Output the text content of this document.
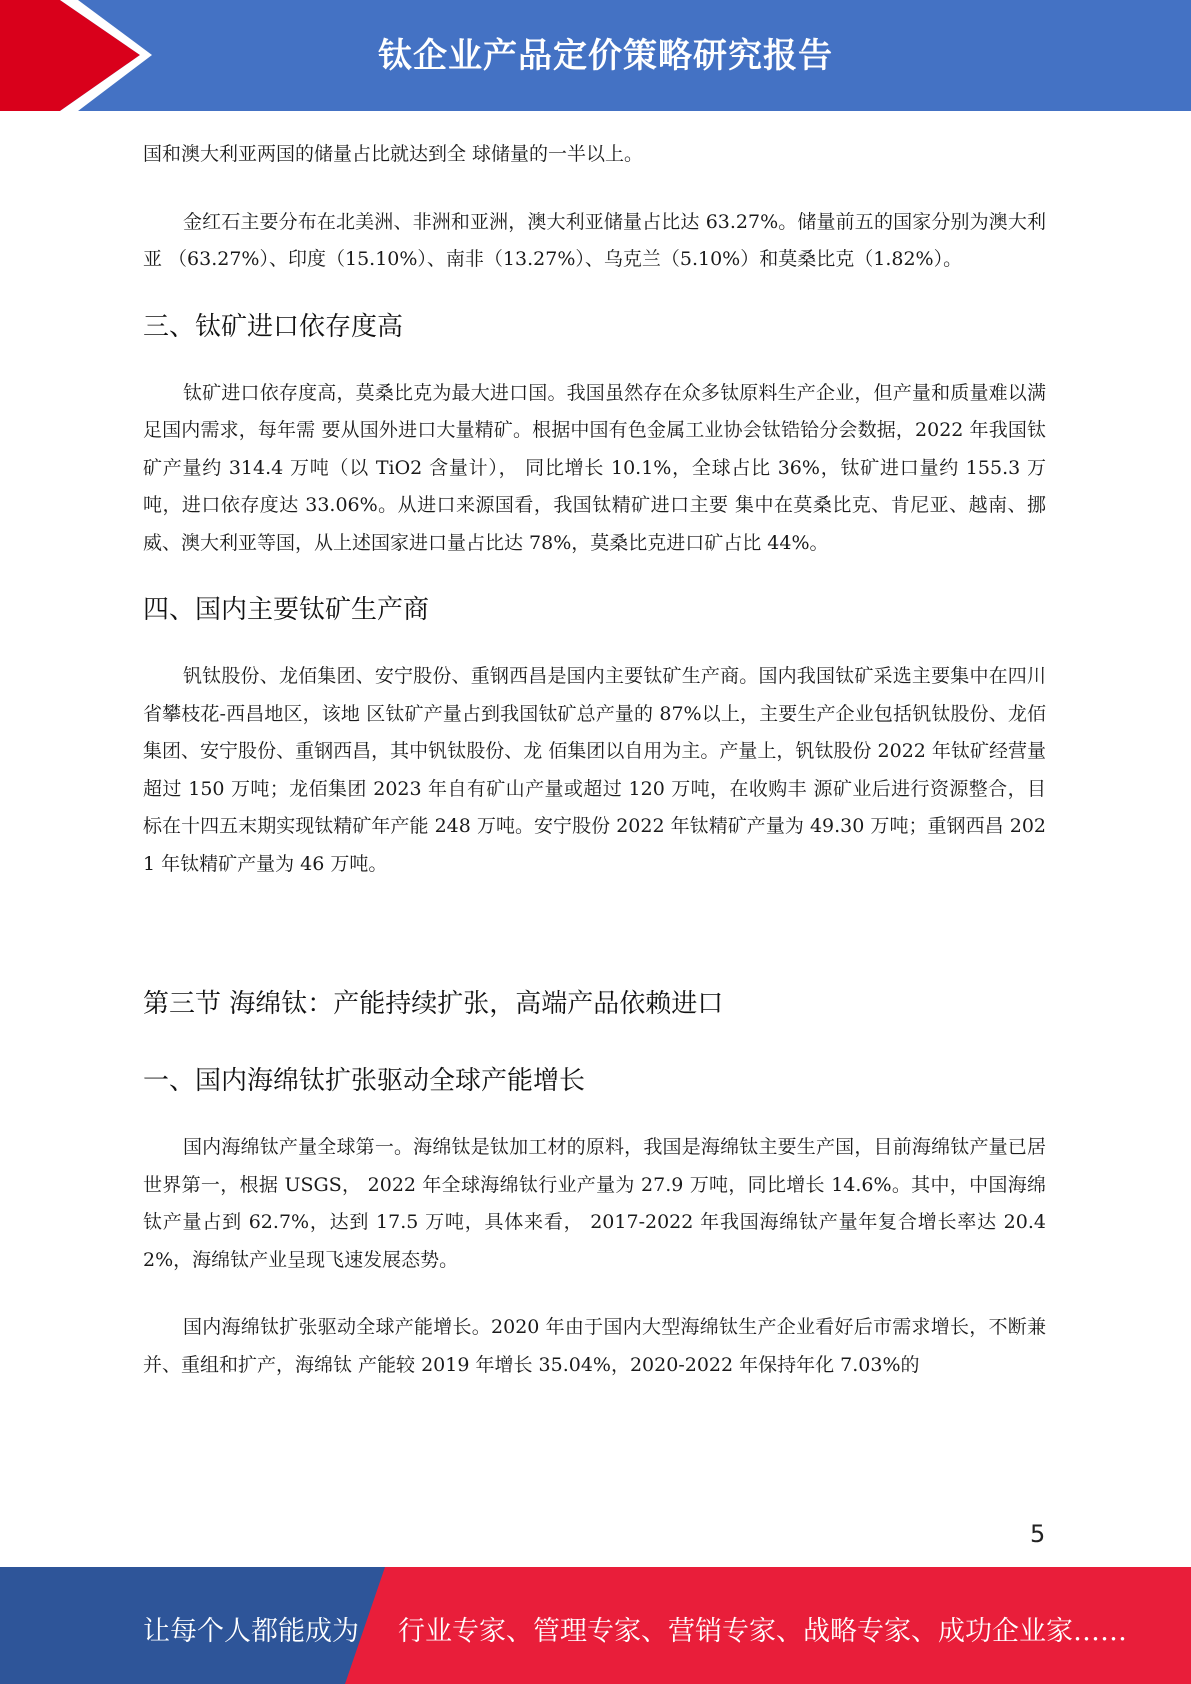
钛企业产品定价策略研究报告

国和澳大利亚两国的储量占比就达到全 球储量的一半以上。

金红石主要分布在北美洲、非洲和亚洲，澳大利亚储量占比达 63.27%。储量前五的国家分别为澳大利亚 （63.27%）、印度（15.10%）、南非（13.27%）、乌克兰（5.10%）和莫桑比克（1.82%）。

三、钛矿进口依存度高

钛矿进口依存度高，莫桑比克为最大进口国。我国虽然存在众多钛原料生产企业，但产量和质量难以满足国内需求，每年需 要从国外进口大量精矿。根据中国有色金属工业协会钛锆铪分会数据，2022 年我国钛矿产量约 314.4 万吨（以 TiO2 含量计）， 同比增长 10.1%，全球占比 36%，钛矿进口量约 155.3 万吨，进口依存度达 33.06%。从进口来源国看，我国钛精矿进口主要 集中在莫桑比克、肯尼亚、越南、挪威、澳大利亚等国，从上述国家进口量占比达 78%，莫桑比克进口矿占比 44%。

四、国内主要钛矿生产商

钒钛股份、龙佰集团、安宁股份、重钢西昌是国内主要钛矿生产商。国内我国钛矿采选主要集中在四川省攀枝花-西昌地区，该地 区钛矿产量占到我国钛矿总产量的 87%以上，主要生产企业包括钒钛股份、龙佰集团、安宁股份、重钢西昌，其中钒钛股份、龙 佰集团以自用为主。产量上，钒钛股份 2022 年钛矿经营量超过 150 万吨；龙佰集团 2023 年自有矿山产量或超过 120 万吨，在收购丰 源矿业后进行资源整合，目标在十四五末期实现钛精矿年产能 248 万吨。安宁股份 2022 年钛精矿产量为 49.30 万吨；重钢西昌 2021 年钛精矿产量为 46 万吨。

第三节 海绵钛：产能持续扩张，高端产品依赖进口
一、国内海绵钛扩张驱动全球产能增长

国内海绵钛产量全球第一。海绵钛是钛加工材的原料，我国是海绵钛主要生产国，目前海绵钛产量已居世界第一，根据 USGS， 2022 年全球海绵钛行业产量为 27.9 万吨，同比增长 14.6%。其中，中国海绵钛产量占到 62.7%，达到 17.5 万吨，具体来看， 2017-2022 年我国海绵钛产量年复合增长率达 20.42%，海绵钛产业呈现飞速发展态势。

国内海绵钛扩张驱动全球产能增长。2020 年由于国内大型海绵钛生产企业看好后市需求增长，不断兼并、重组和扩产，海绵钛 产能较 2019 年增长 35.04%，2020-2022 年保持年化 7.03%的

5
让每个人都能成为 行业专家、管理专家、营销专家、战略专家、成功企业家……
